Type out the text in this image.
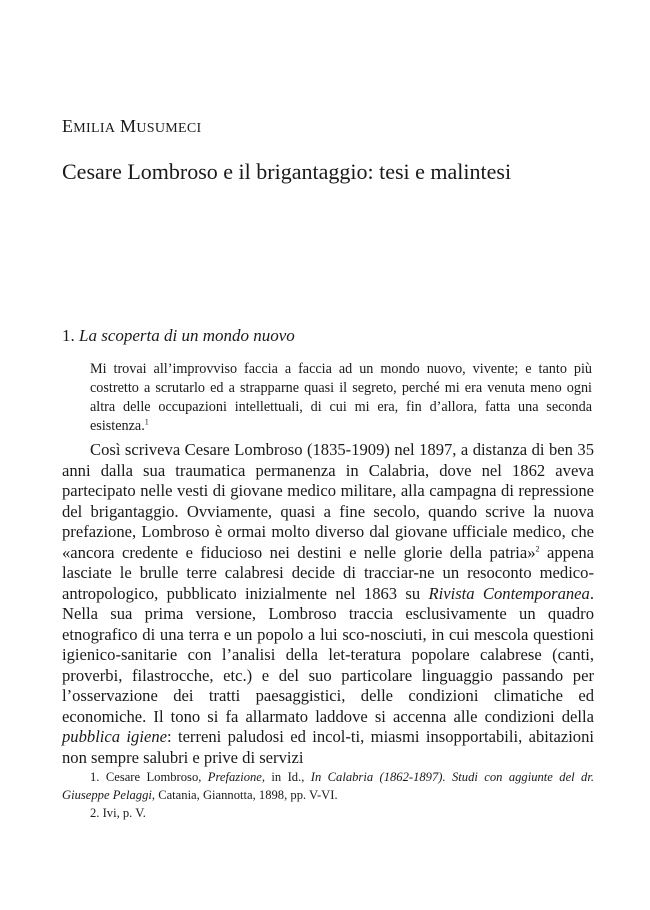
EMILIA MUSUMECI
Cesare Lombroso e il brigantaggio: tesi e malintesi
1. La scoperta di un mondo nuovo
Mi trovai all’improvviso faccia a faccia ad un mondo nuovo, vivente; e tanto più costretto a scrutarlo ed a strapparne quasi il segreto, perché mi era venuta meno ogni altra delle occupazioni intellettuali, di cui mi era, fin d’allora, fatta una seconda esistenza.$^1$
Così scriveva Cesare Lombroso (1835-1909) nel 1897, a distanza di ben 35 anni dalla sua traumatica permanenza in Calabria, dove nel 1862 aveva partecipato nelle vesti di giovane medico militare, alla campagna di repressione del brigantaggio. Ovviamente, quasi a fine secolo, quando scrive la nuova prefazione, Lombroso è ormai molto diverso dal giovane ufficiale medico, che «ancora credente e fiducioso nei destini e nelle glorie della patria»$^2$ appena lasciate le brulle terre calabresi decide di tracciar-ne un resoconto medico-antropologico, pubblicato inizialmente nel 1863 su Rivista Contemporanea. Nella sua prima versione, Lombroso traccia esclusivamente un quadro etnografico di una terra e un popolo a lui sco-nosciuti, in cui mescola questioni igienico-sanitarie con l’analisi della let-teratura popolare calabrese (canti, proverbi, filastrocche, etc.) e del suo particolare linguaggio passando per l’osservazione dei tratti paesaggistici, delle condizioni climatiche ed economiche. Il tono si fa allarmato laddove si accenna alle condizioni della pubblica igiene: terreni paludosi ed incol-ti, miasmi insopportabili, abitazioni non sempre salubri e prive di servizi

1. Cesare Lombroso, Prefazione, in Id., In Calabria (1862-1897). Studi con aggiunte del dr. Giuseppe Pelaggi, Catania, Giannotta, 1898, pp. V-VI.

2. Ivi, p. V.
